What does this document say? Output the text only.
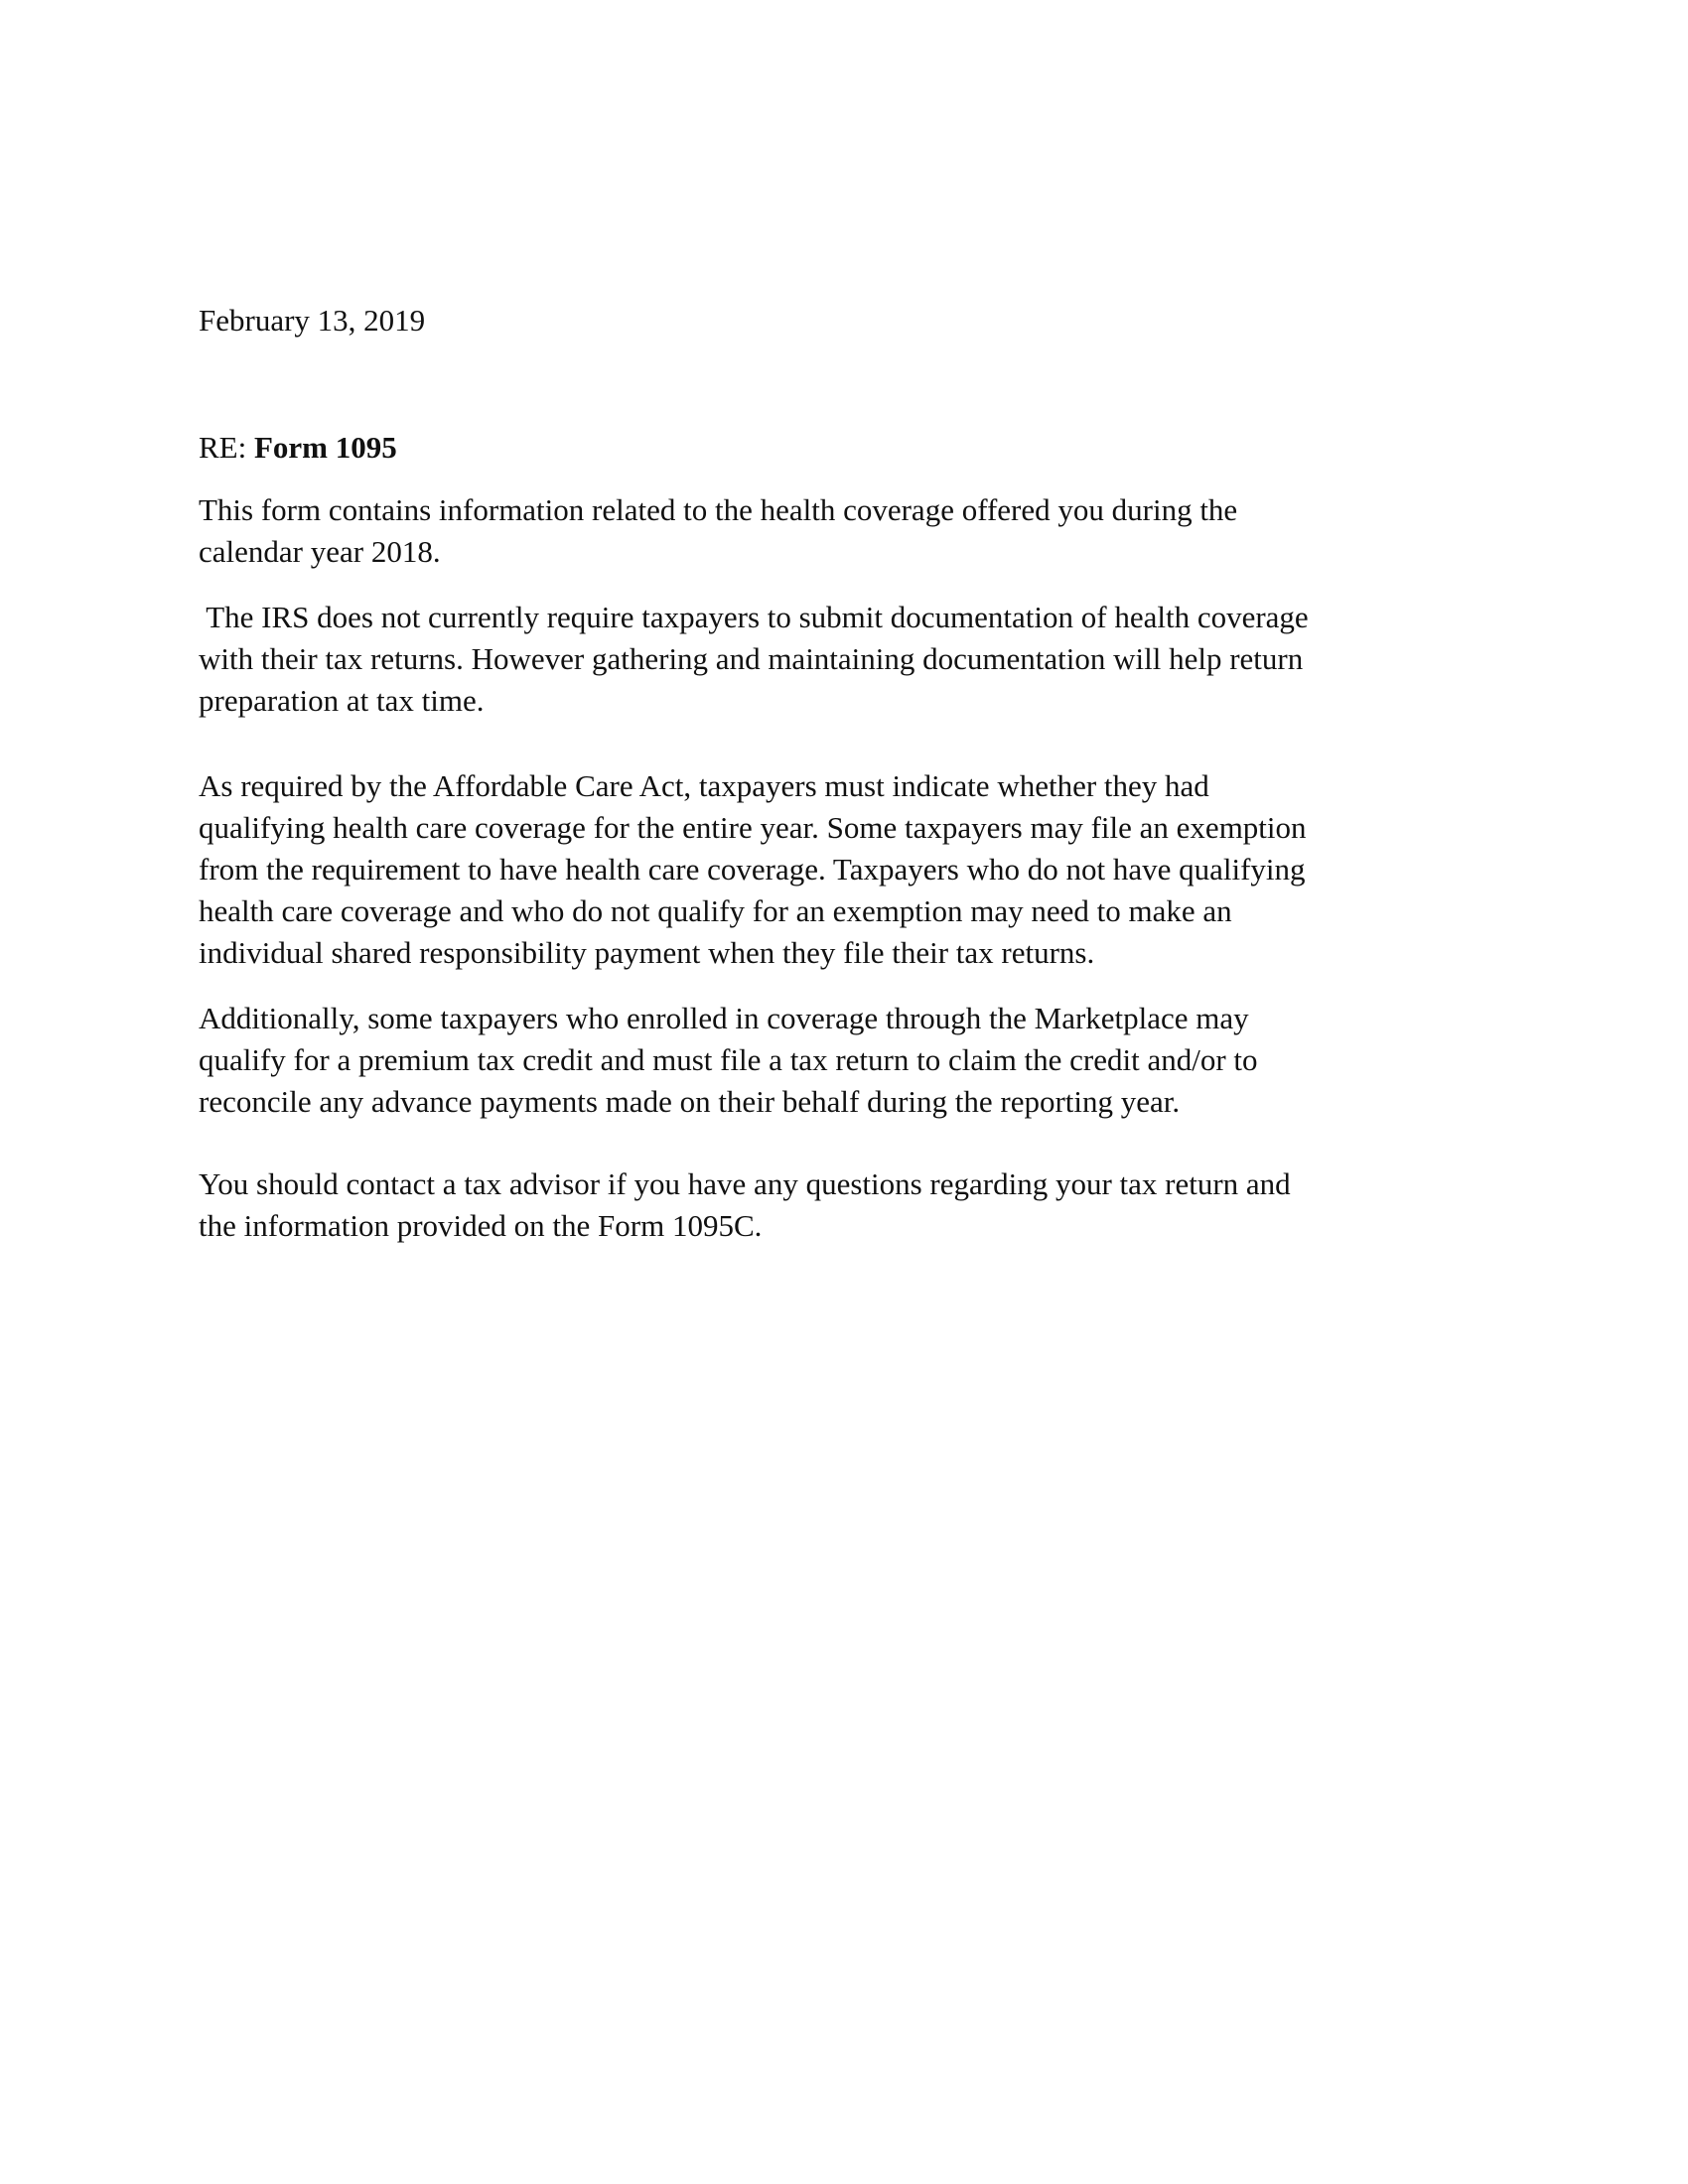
February 13, 2019
RE: Form 1095

This form contains information related to the health coverage offered you during the
calendar year 2018.

The IRS does not currently require taxpayers to submit documentation of health coverage
with their tax returns. However gathering and maintaining documentation will help return
preparation at tax time.

As required by the Affordable Care Act, taxpayers must indicate whether they had
qualifying health care coverage for the entire year. Some taxpayers may file an exemption
from the requirement to have health care coverage. Taxpayers who do not have qualifying
health care coverage and who do not qualify for an exemption may need to make an
individual shared responsibility payment when they file their tax returns.

Additionally, some taxpayers who enrolled in coverage through the Marketplace may
qualify for a premium tax credit and must file a tax return to claim the credit and/or to
reconcile any advance payments made on their behalf during the reporting year.

You should contact a tax advisor if you have any questions regarding your tax return and
the information provided on the Form 1095C.
